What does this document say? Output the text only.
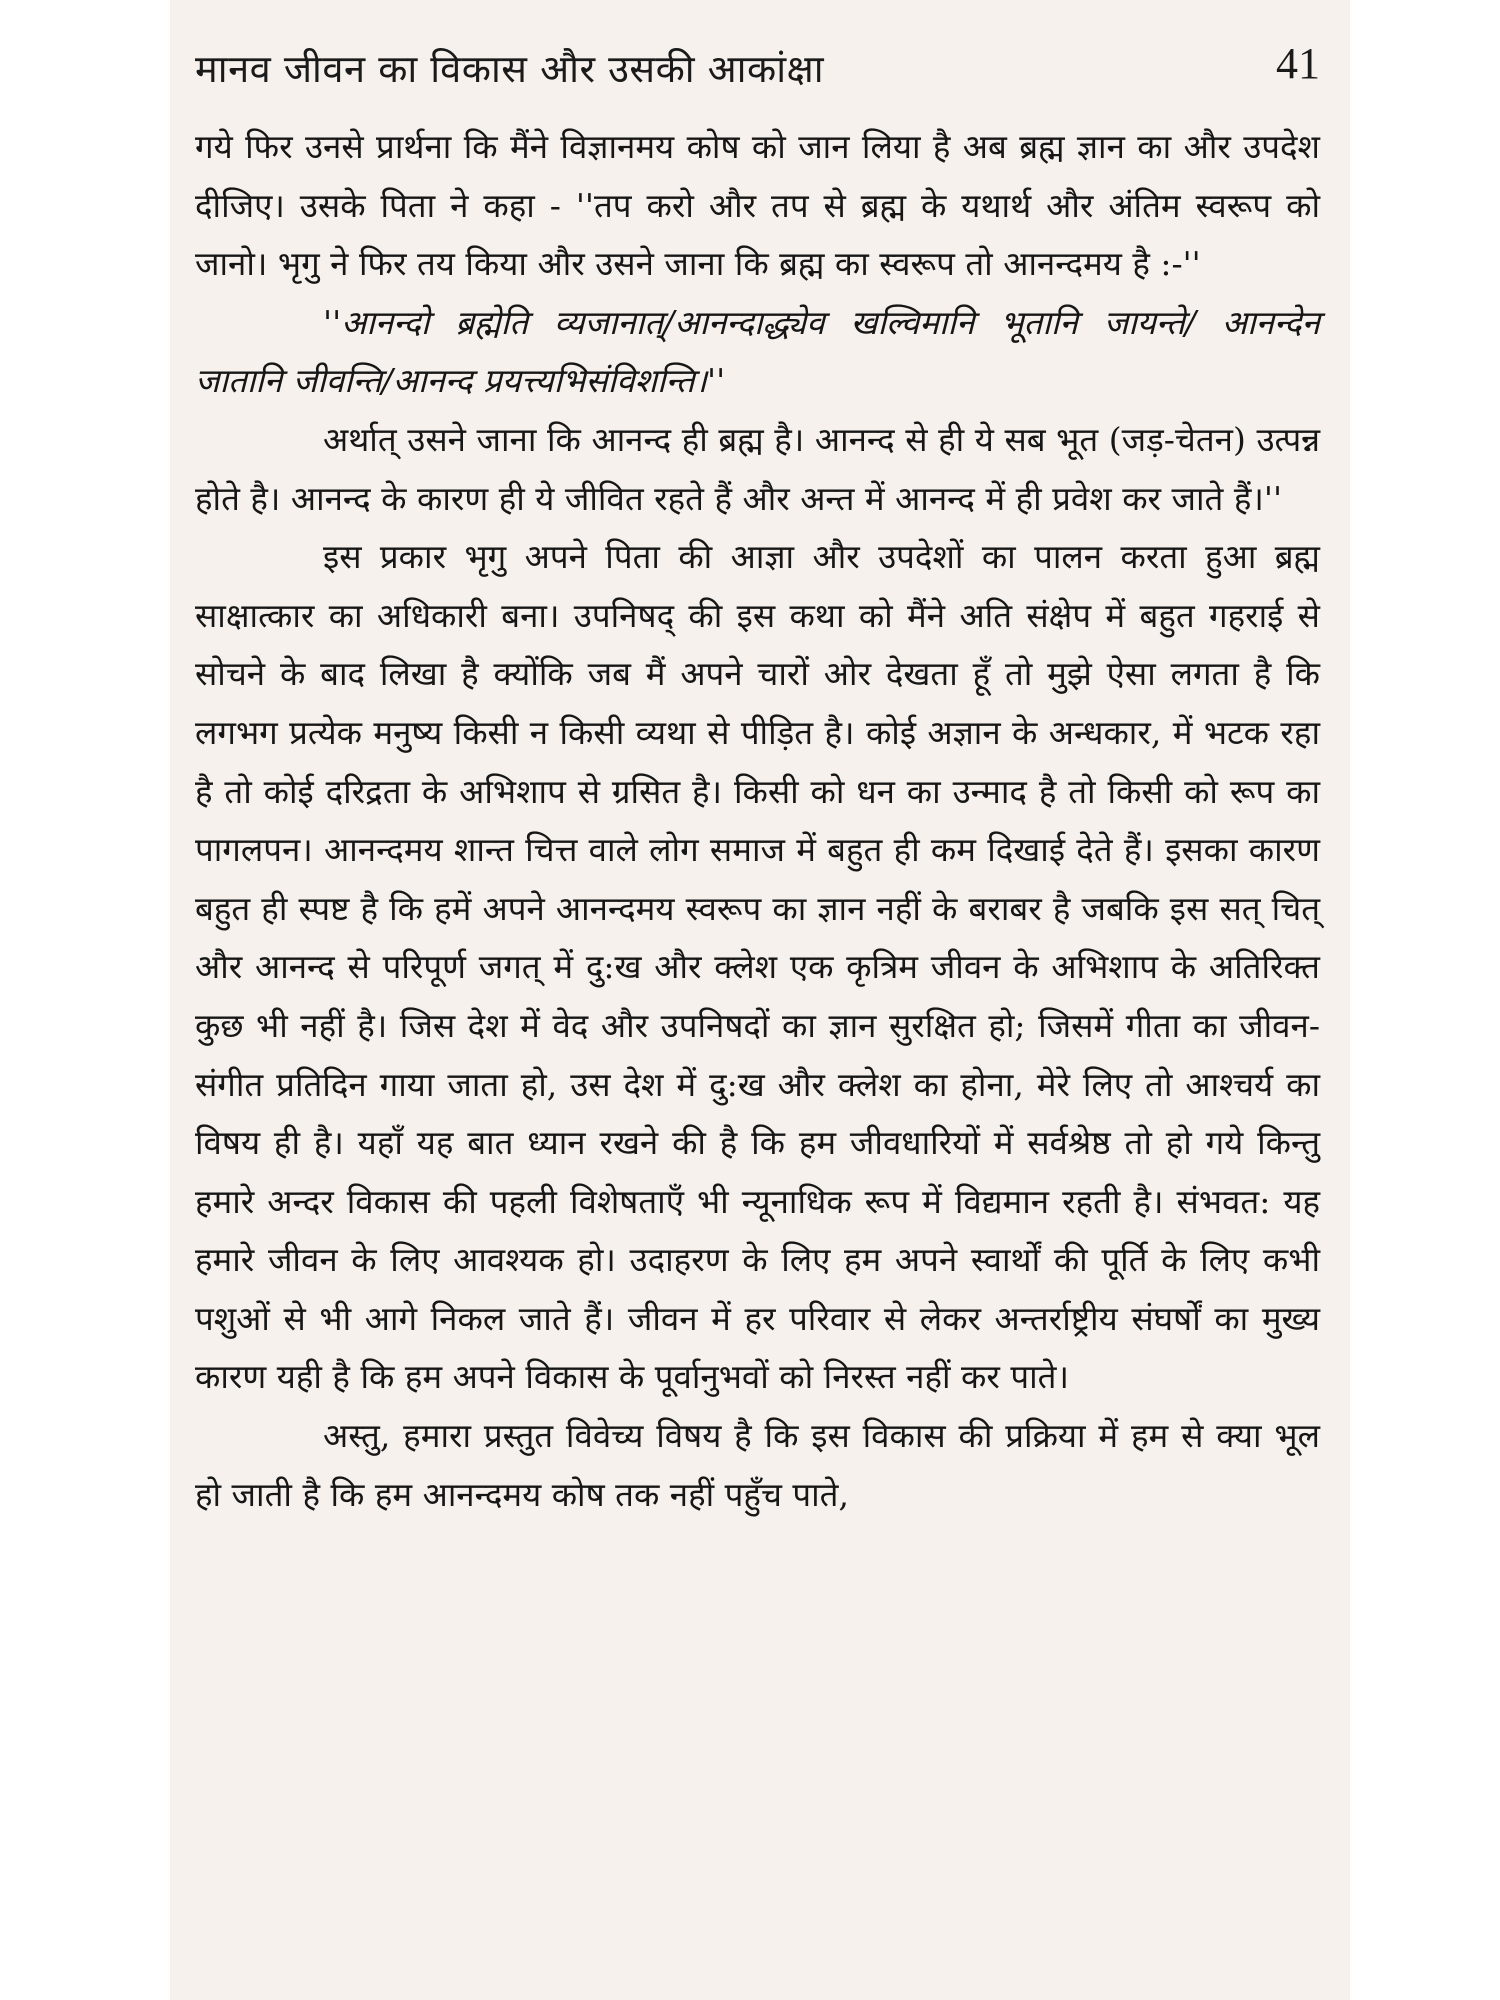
मानव जीवन का विकास और उसकी आकांक्षा	41

गये फिर उनसे प्रार्थना कि मैंने विज्ञानमय कोष को जान लिया है अब ब्रह्म ज्ञान का और उपदेश दीजिए। उसके पिता ने कहा - ''तप करो और तप से ब्रह्म के यथार्थ और अंतिम स्वरूप को जानो। भृगु ने फिर तय किया और उसने जाना कि ब्रह्म का स्वरूप तो आनन्दमय है :-''

''आनन्दो ब्रह्मेति व्यजानात्/आनन्दाद्ध्येव खल्विमानि भूतानि जायन्ते/ आनन्देन जातानि जीवन्ति/आनन्द प्रयत्त्यभिसंविशन्ति।''

अर्थात् उसने जाना कि आनन्द ही ब्रह्म है। आनन्द से ही ये सब भूत (जड़-चेतन) उत्पन्न होते है। आनन्द के कारण ही ये जीवित रहते हैं और अन्त में आनन्द में ही प्रवेश कर जाते हैं।''

इस प्रकार भृगु अपने पिता की आज्ञा और उपदेशों का पालन करता हुआ ब्रह्म साक्षात्कार का अधिकारी बना। उपनिषद् की इस कथा को मैंने अति संक्षेप में बहुत गहराई से सोचने के बाद लिखा है क्योंकि जब मैं अपने चारों ओर देखता हूँ तो मुझे ऐसा लगता है कि लगभग प्रत्येक मनुष्य किसी न किसी व्यथा से पीड़ित है। कोई अज्ञान के अन्धकार, में भटक रहा है तो कोई दरिद्रता के अभिशाप से ग्रसित है। किसी को धन का उन्माद है तो किसी को रूप का पागलपन। आनन्दमय शान्त चित्त वाले लोग समाज में बहुत ही कम दिखाई देते हैं। इसका कारण बहुत ही स्पष्ट है कि हमें अपने आनन्दमय स्वरूप का ज्ञान नहीं के बराबर है जबकि इस सत् चित् और आनन्द से परिपूर्ण जगत् में दु:ख और क्लेश एक कृत्रिम जीवन के अभिशाप के अतिरिक्त कुछ भी नहीं है। जिस देश में वेद और उपनिषदों का ज्ञान सुरक्षित हो; जिसमें गीता का जीवन-संगीत प्रतिदिन गाया जाता हो, उस देश में दु:ख और क्लेश का होना, मेरे लिए तो आश्चर्य का विषय ही है। यहाँ यह बात ध्यान रखने की है कि हम जीवधारियों में सर्वश्रेष्ठ तो हो गये किन्तु हमारे अन्दर विकास की पहली विशेषताएँ भी न्यूनाधिक रूप में विद्यमान रहती है। संभवत: यह हमारे जीवन के लिए आवश्यक हो। उदाहरण के लिए हम अपने स्वार्थों की पूर्ति के लिए कभी पशुओं से भी आगे निकल जाते हैं। जीवन में हर परिवार से लेकर अन्तर्राष्ट्रीय संघर्षों का मुख्य कारण यही है कि हम अपने विकास के पूर्वानुभवों को निरस्त नहीं कर पाते।

अस्तु, हमारा प्रस्तुत विवेच्य विषय है कि इस विकास की प्रक्रिया में हम से क्या भूल हो जाती है कि हम आनन्दमय कोष तक नहीं पहुँच पाते,
